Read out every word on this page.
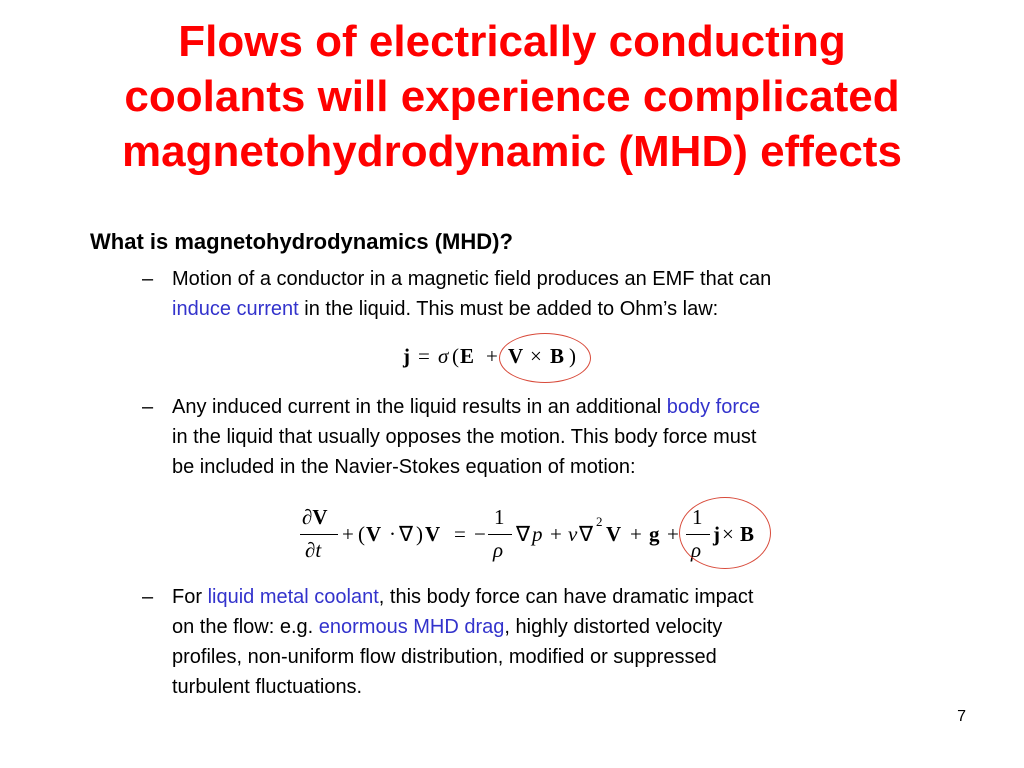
Flows of electrically conducting
coolants will experience complicated
magnetohydrodynamic (MHD) effects
What is magnetohydrodynamics (MHD)?
– Motion of a conductor in a magnetic field produces an EMF that can
induce current in the liquid. This must be added to Ohm’s law:
j = σ ( E + V × B )
– Any induced current in the liquid results in an additional body force
in the liquid that usually opposes the motion. This body force must
be included in the Navier-Stokes equation of motion:
∂V
∂t
+ ( V · ∇ ) V = −
1
ρ
∇ p + ν ∇
2
V + g +
1
ρ
j × B
– For liquid metal coolant, this body force can have dramatic impact
on the flow: e.g. enormous MHD drag, highly distorted velocity
profiles, non-uniform flow distribution, modified or suppressed
turbulent fluctuations.
7
